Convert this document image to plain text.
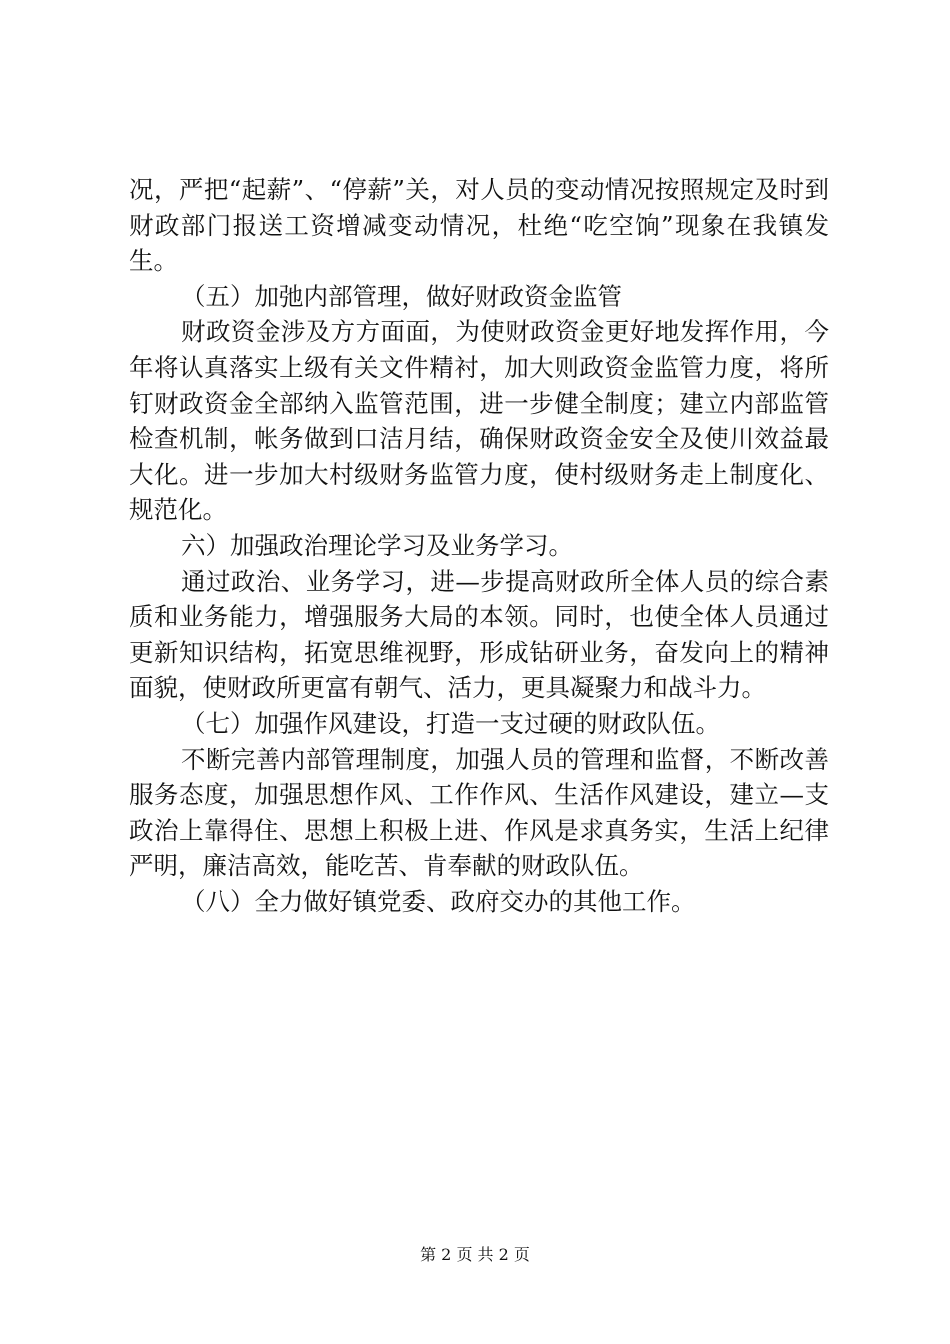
况，严把“起薪”、“停薪”关，对人员的变动情况按照规定及时到财政部门报送工资增减变动情况，杜绝“吃空饷”现象在我镇发生。

（五）加弛内部管理，做好财政资金监管

财政资金涉及方方面面，为使财政资金更好地发挥作用，今年将认真落实上级有关文件精衬，加大则政资金监管力度，将所钉财政资金全部纳入监管范围，进一步健全制度；建立内部监管检查机制，帐务做到口洁月结，确保财政资金安全及使川效益最大化。进一步加大村级财务监管力度，使村级财务走上制度化、规范化。

六）加强政治理论学习及业务学习。

通过政治、业务学习，进—步提高财政所全体人员的综合素质和业务能力，增强服务大局的本领。同时，也使全体人员通过更新知识结构，拓宽思维视野，形成钻研业务，奋发向上的精神面貌，使财政所更富有朝气、活力，更具凝聚力和战斗力。

（七）加强作风建设，打造一支过硬的财政队伍。

不断完善内部管理制度，加强人员的管理和监督，不断改善服务态度，加强思想作风、工作作风、生活作风建设，建立—支政治上靠得住、思想上积极上进、作风是求真务实，生活上纪律严明，廉洁高效，能吃苦、肯奉献的财政队伍。

（八）全力做好镇党委、政府交办的其他工作。

第 2 页 共 2 页
